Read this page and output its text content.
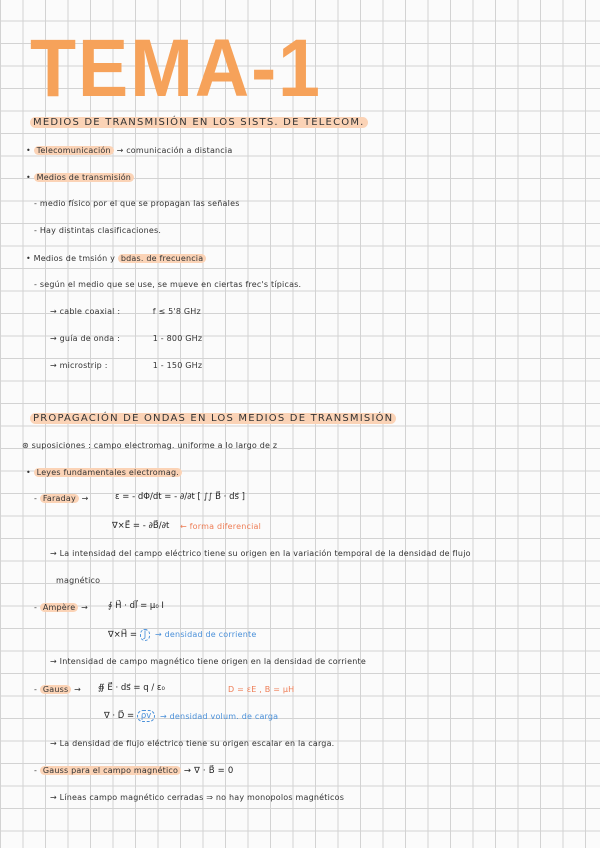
TEMA-1
MEDIOS DE TRANSMISIÓN EN LOS SISTS. DE TELECOM.
• Telecomunicación → comunicación a distancia
• Medios de transmisión
- medio físico por el que se propagan las señales
- Hay distintas clasificaciones.
• Medios de tmsión y bdas. de frecuencia
- según el medio que se use, se mueve en ciertas frec's típicas.
→ cable coaxial :	f ≤ 5'8 GHz
→ guía de onda :	1 - 800 GHz
→ microstrip :	1 - 150 GHz
PROPAGACIÓN DE ONDAS EN LOS MEDIOS DE TRANSMISIÓN
⊛ suposiciones : campo electromag. uniforme a lo largo de z
• Leyes fundamentales electromag.
- Faraday →	ε = - dΦ/dt = - ∂/∂t [ ∫∫ B⃗ · ds⃗ ]
∇×E⃗ = - ∂B⃗/∂t ← forma diferencial
→ La intensidad del campo eléctrico tiene su origen en la variación temporal de la densidad de flujo
magnético
- Ampère → ∮ H⃗ · dl⃗ = μ₀ I
∇×H⃗ = J⃗	→ densidad de corriente
→ Intensidad de campo magnético tiene origen en la densidad de corriente
- Gauss → ∯ E⃗ · ds⃗ = q / ε₀	D = εE , B = μH
∇ · D⃗ = ρv	→ densidad volum. de carga
→ La densidad de flujo eléctrico tiene su origen escalar en la carga.
- Gauss para el campo magnético → ∇ · B⃗ = 0
→ Líneas campo magnético cerradas ⇒ no hay monopolos magnéticos
